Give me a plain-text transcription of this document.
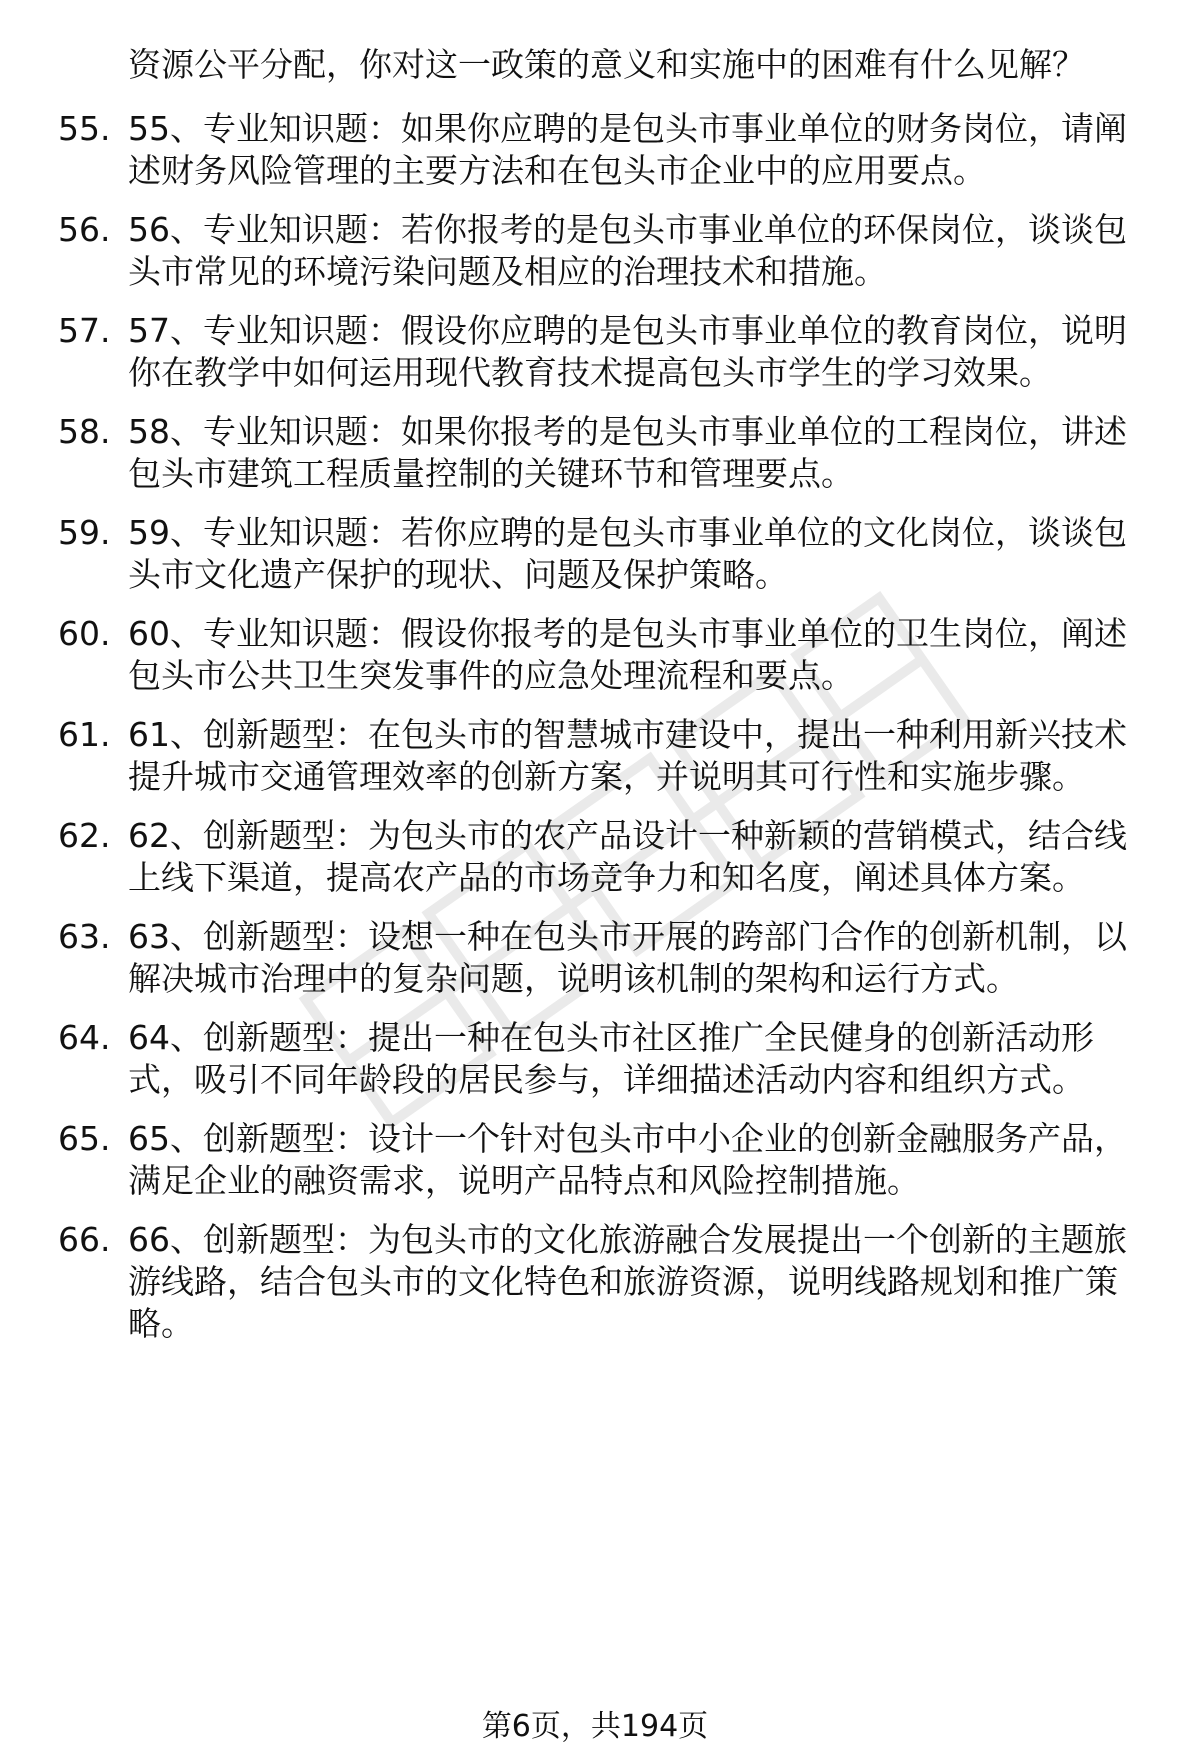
资源公平分配，你对这一政策的意义和实施中的困难有什么见解？
55. 55、专业知识题：如果你应聘的是包头市事业单位的财务岗位，请阐述财务风险管理的主要方法和在包头市企业中的应用要点。
56. 56、专业知识题：若你报考的是包头市事业单位的环保岗位，谈谈包头市常见的环境污染问题及相应的治理技术和措施。
57. 57、专业知识题：假设你应聘的是包头市事业单位的教育岗位，说明你在教学中如何运用现代教育技术提高包头市学生的学习效果。
58. 58、专业知识题：如果你报考的是包头市事业单位的工程岗位，讲述包头市建筑工程质量控制的关键环节和管理要点。
59. 59、专业知识题：若你应聘的是包头市事业单位的文化岗位，谈谈包头市文化遗产保护的现状、问题及保护策略。
60. 60、专业知识题：假设你报考的是包头市事业单位的卫生岗位，阐述包头市公共卫生突发事件的应急处理流程和要点。
61. 61、创新题型：在包头市的智慧城市建设中，提出一种利用新兴技术提升城市交通管理效率的创新方案，并说明其可行性和实施步骤。
62. 62、创新题型：为包头市的农产品设计一种新颖的营销模式，结合线上线下渠道，提高农产品的市场竞争力和知名度，阐述具体方案。
63. 63、创新题型：设想一种在包头市开展的跨部门合作的创新机制，以解决城市治理中的复杂问题，说明该机制的架构和运行方式。
64. 64、创新题型：提出一种在包头市社区推广全民健身的创新活动形式，吸引不同年龄段的居民参与，详细描述活动内容和组织方式。
65. 65、创新题型：设计一个针对包头市中小企业的创新金融服务产品，满足企业的融资需求，说明产品特点和风险控制措施。
66. 66、创新题型：为包头市的文化旅游融合发展提出一个创新的主题旅游线路，结合包头市的文化特色和旅游资源，说明线路规划和推广策略。
第6页，共194页
